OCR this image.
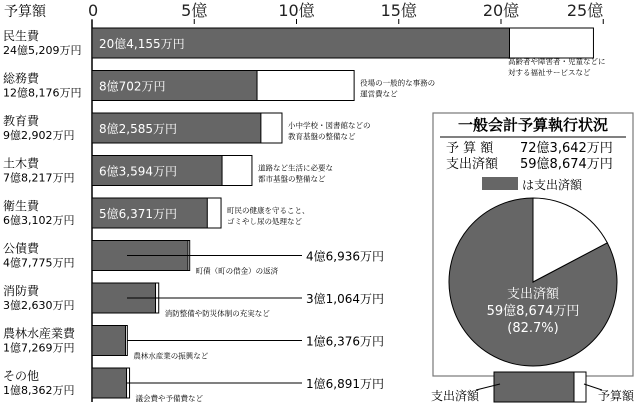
予算額	0	5億	10億	15億	20億	25億
民生費
24億5,209万円 20億4,155万円
高齢者や障害者・児童などに
対する福祉サービスなど
総務費
12億8,176万円 8億702万円	役場の一般的な事務の
運営費など
教育費
9億2,902万円 8億2,585万円	小中学校・図書館などの
教育基盤の整備など
土木費
7億8,217万円 6億3,594万円	道路など生活に必要な
都市基盤の整備など
衛生費
6億3,102万円 5億6,371万円	町民の健康を守ること、
ゴミやし尿の処理など
公債費
4億7,775万円	4億6,936万円
町債（町の借金）の返済
消防費
3億2,630万円	3億1,064万円
消防整備や防災体制の充実など
農林水産業費
1億7,269万円	1億6,376万円
農林水産業の振興など
その他
1億8,362万円	1億6,891万円
議会費や予備費など
一般会計予算執行状況
予 算 額 72億3,642万円
支出済額 59億8,674万円
は支出済額
支出済額
59億8,674万円
(82.7%)
支出済額	予算額
